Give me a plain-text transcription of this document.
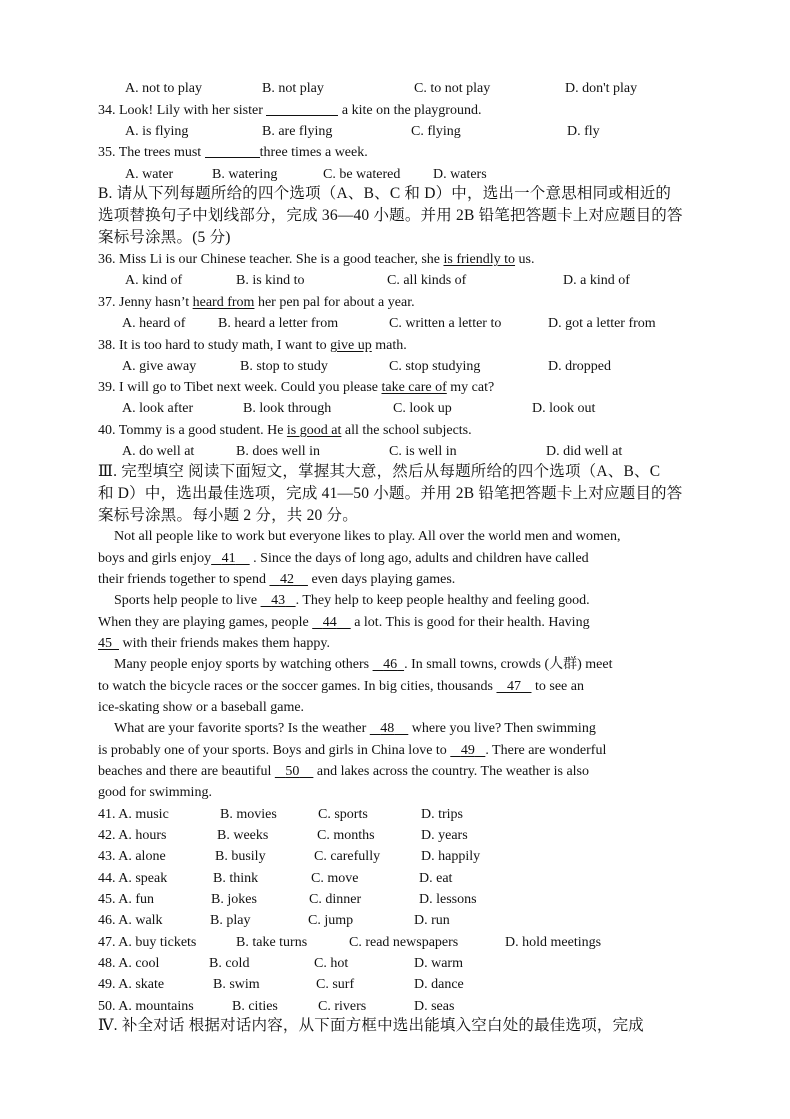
A. not to play	B. not play	C. to not play	D. don't play
34. Look! Lily with her sister	a kite on the playground.
A. is flying	B. are flying	C. flying	D. fly
35. The trees must	three times a week.
A. water	B. watering	C. be watered D. waters
B. 请从下列每题所给的四个选项（A、B、C 和 D）中，选出一个意思相同或相近的
选项替换句子中划线部分，完成 36—40 小题。并用 2B 铅笔把答题卡上对应题目的答
案标号涂黑。(5 分)
36. Miss Li is our Chinese teacher. She is a good teacher, she is friendly to us.
A. kind of	B. is kind to	C. all kinds of	D. a kind of
37. Jenny hasn’t heard from her pen pal for about a year.
A. heard of B. heard a letter from	C. written a letter to	D. got a letter from
38. It is too hard to study math, I want to give up math.
A. give away	B. stop to study	C. stop studying	D. dropped
39. I will go to Tibet next week. Could you please take care of my cat?
A. look after	B. look through	C. look up	D. look out
40. Tommy is a good student. He is good at all the school subjects.
A. do well at	B. does well in	C. is well in	D. did well at
Ⅲ. 完型填空 阅读下面短文，掌握其大意，然后从每题所给的四个选项（A、B、C
和 D）中，选出最佳选项，完成 41—50 小题。并用 2B 铅笔把答题卡上对应题目的答
案标号涂黑。每小题 2 分，共 20 分。
Not all people like to work but everyone likes to play. All over the world men and women,
boys and girls enjoy 41 . Since the days of long ago, adults and children have called
their friends together to spend 42 even days playing games.
Sports help people to live 43 . They help to keep people healthy and feeling good.
When they are playing games, people 44 a lot. This is good for their health. Having
45 with their friends makes them happy.
Many people enjoy sports by watching others 46 . In small towns, crowds (人群) meet
to watch the bicycle races or the soccer games. In big cities, thousands 47 to see an
ice-skating show or a baseball game.
What are your favorite sports? Is the weather 48 where you live? Then swimming
is probably one of your sports. Boys and girls in China love to 49 . There are wonderful
beaches and there are beautiful 50 and lakes across the country. The weather is also
good for swimming.
41. A. music	B. movies	C. sports	D. trips
42. A. hours	B. weeks	C. months	D. years
43. A. alone	B. busily	C. carefully	D. happily
44. A. speak	B. think	C. move	D. eat
45. A. fun	B. jokes	C. dinner	D. lessons
46. A. walk	B. play	C. jump	D. run
47. A. buy tickets	B. take turns	C. read newspapers	D. hold meetings
48. A. cool	B. cold	C. hot	D. warm
49. A. skate	B. swim	C. surf	D. dance
50. A. mountains	B. cities	C. rivers	D. seas
Ⅳ. 补全对话 根据对话内容，从下面方框中选出能填入空白处的最佳选项，完成
